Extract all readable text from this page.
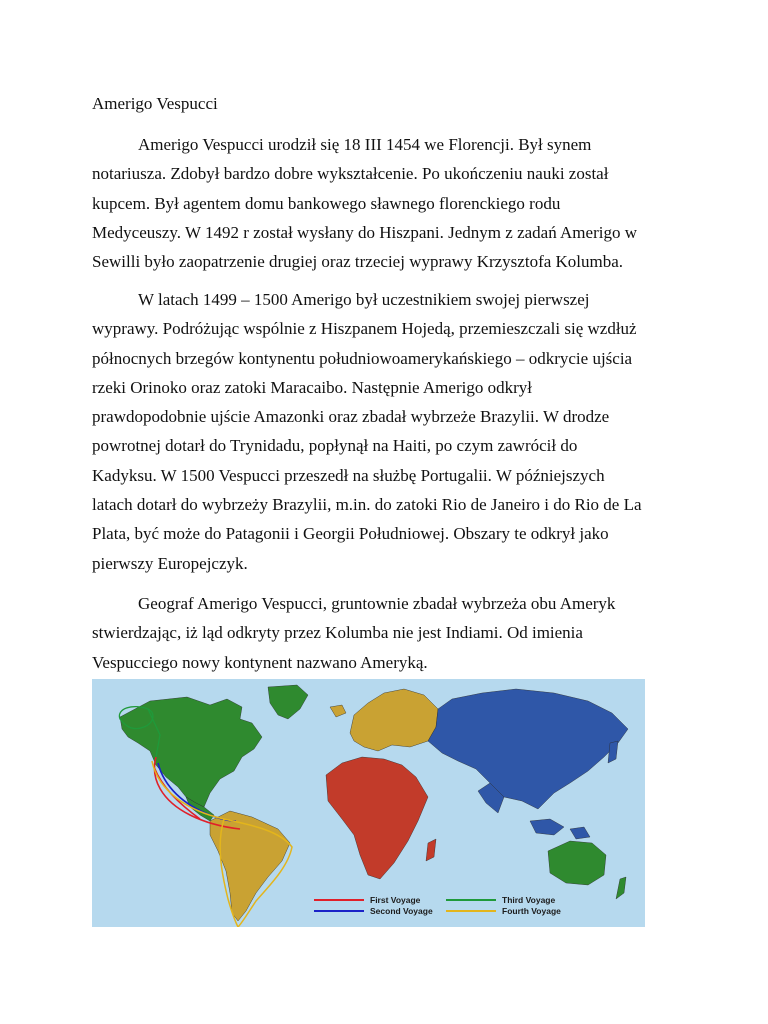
Amerigo Vespucci

Amerigo Vespucci urodził się 18 III 1454 we Florencji. Był synem
notariusza. Zdobył bardzo dobre wykształcenie. Po ukończeniu nauki został
kupcem. Był agentem domu bankowego sławnego florenckiego rodu
Medyceuszy. W 1492 r został wysłany do Hiszpani. Jednym z zadań Amerigo w
Sewilli było zaopatrzenie drugiej oraz trzeciej wyprawy Krzysztofa Kolumba.

W latach 1499 – 1500 Amerigo był uczestnikiem swojej pierwszej
wyprawy. Podróżując wspólnie z Hiszpanem Hojedą, przemieszczali się wzdłuż
północnych brzegów kontynentu południowoamerykańskiego – odkrycie ujścia
rzeki Orinoko oraz zatoki Maracaibo. Następnie Amerigo odkrył
prawdopodobnie ujście Amazonki oraz zbadał wybrzeże Brazylii. W drodze
powrotnej dotarł do Trynidadu, popłynął na Haiti, po czym zawrócił do
Kadyksu. W 1500 Vespucci przeszedł na służbę Portugalii. W późniejszych
latach dotarł do wybrzeży Brazylii, m.in. do zatoki Rio de Janeiro i do Rio de La
Plata, być może do Patagonii i Georgii Południowej. Obszary te odkrył jako
pierwszy Europejczyk.

Geograf Amerigo Vespucci, gruntownie zbadał wybrzeża obu Ameryk
stwierdzając, iż ląd odkryty przez Kolumba nie jest Indiami. Od imienia
Vespucciego nowy kontynent nazwano Ameryką.

First Voyage
Second Voyage
Third Voyage
Fourth Voyage
